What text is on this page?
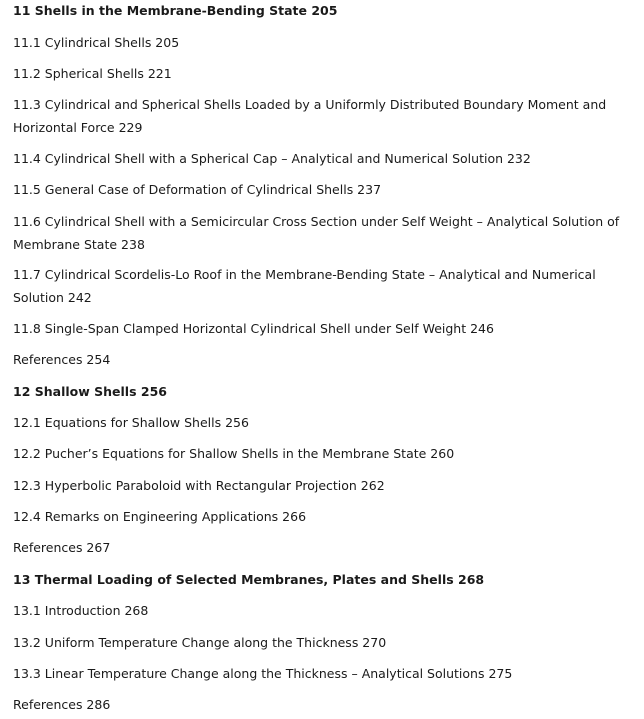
11 Shells in the Membrane-Bending State 205
11.1 Cylindrical Shells 205
11.2 Spherical Shells 221
11.3 Cylindrical and Spherical Shells Loaded by a Uniformly Distributed Boundary Moment and Horizontal Force 229
11.4 Cylindrical Shell with a Spherical Cap – Analytical and Numerical Solution 232
11.5 General Case of Deformation of Cylindrical Shells 237
11.6 Cylindrical Shell with a Semicircular Cross Section under Self Weight – Analytical Solution of Membrane State 238
11.7 Cylindrical Scordelis-Lo Roof in the Membrane-Bending State – Analytical and Numerical Solution 242
11.8 Single-Span Clamped Horizontal Cylindrical Shell under Self Weight 246
References 254
12 Shallow Shells 256
12.1 Equations for Shallow Shells 256
12.2 Pucher’s Equations for Shallow Shells in the Membrane State 260
12.3 Hyperbolic Paraboloid with Rectangular Projection 262
12.4 Remarks on Engineering Applications 266
References 267
13 Thermal Loading of Selected Membranes, Plates and Shells 268
13.1 Introduction 268
13.2 Uniform Temperature Change along the Thickness 270
13.3 Linear Temperature Change along the Thickness – Analytical Solutions 275
References 286
